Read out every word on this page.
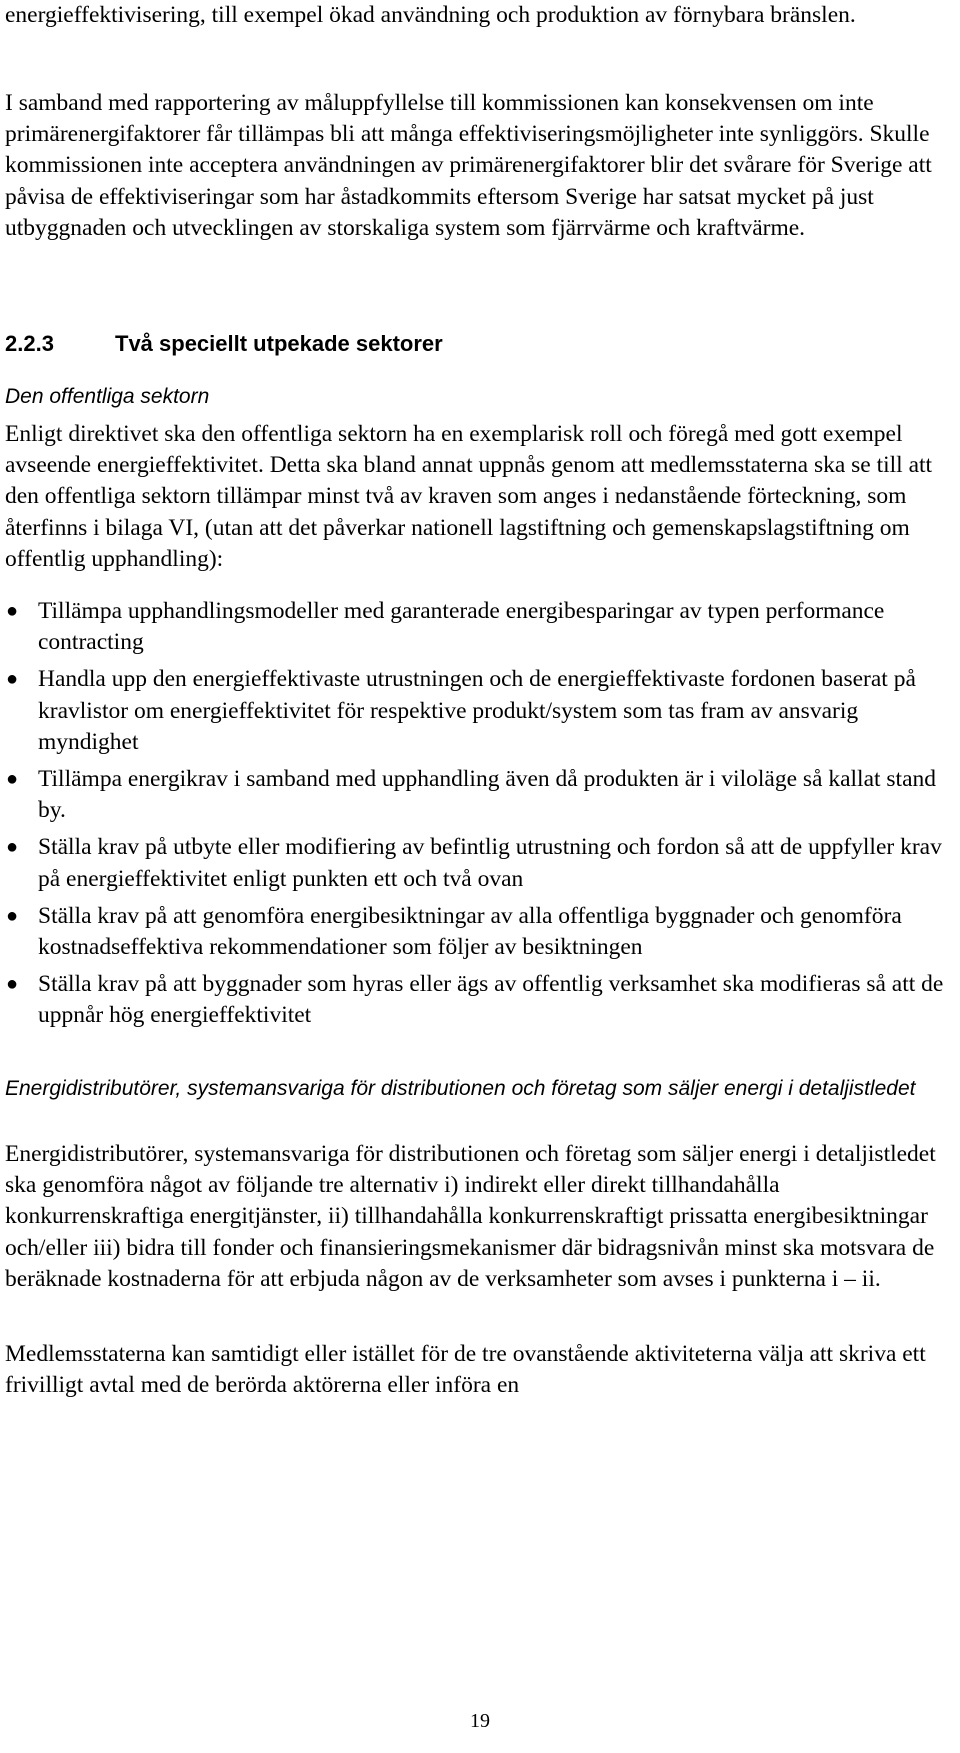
energieffektivisering, till exempel ökad användning och produktion av förnybara bränslen.

I samband med rapportering av måluppfyllelse till kommissionen kan konsekvensen om inte primärenergifaktorer får tillämpas bli att många effektiviseringsmöjligheter inte synliggörs. Skulle kommissionen inte acceptera användningen av primärenergifaktorer blir det svårare för Sverige att påvisa de effektiviseringar som har åstadkommits eftersom Sverige har satsat mycket på just utbyggnaden och utvecklingen av storskaliga system som fjärrvärme och kraftvärme.

2.2.3	Två speciellt utpekade sektorer

Den offentliga sektorn

Enligt direktivet ska den offentliga sektorn ha en exemplarisk roll och föregå med gott exempel avseende energieffektivitet. Detta ska bland annat uppnås genom att medlemsstaterna ska se till att den offentliga sektorn tillämpar minst två av kraven som anges i nedanstående förteckning, som återfinns i bilaga VI, (utan att det påverkar nationell lagstiftning och gemenskapslagstiftning om offentlig upphandling):

● Tillämpa upphandlingsmodeller med garanterade energibesparingar av typen performance contracting
● Handla upp den energieffektivaste utrustningen och de energieffektivaste fordonen baserat på kravlistor om energieffektivitet för respektive produkt/system som tas fram av ansvarig myndighet
● Tillämpa energikrav i samband med upphandling även då produkten är i viloläge så kallat stand by.
● Ställa krav på utbyte eller modifiering av befintlig utrustning och fordon så att de uppfyller krav på energieffektivitet enligt punkten ett och två ovan
● Ställa krav på att genomföra energibesiktningar av alla offentliga byggnader och genomföra kostnadseffektiva rekommendationer som följer av besiktningen
● Ställa krav på att byggnader som hyras eller ägs av offentlig verksamhet ska modifieras så att de uppnår hög energieffektivitet

Energidistributörer, systemansvariga för distributionen och företag som säljer energi i detaljistledet

Energidistributörer, systemansvariga för distributionen och företag som säljer energi i detaljistledet ska genomföra något av följande tre alternativ i) indirekt eller direkt tillhandahålla konkurrenskraftiga energitjänster, ii) tillhandahålla konkurrenskraftigt prissatta energibesiktningar och/eller iii) bidra till fonder och finansieringsmekanismer där bidragsnivån minst ska motsvara de beräknade kostnaderna för att erbjuda någon av de verksamheter som avses i punkterna i – ii.

Medlemsstaterna kan samtidigt eller istället för de tre ovanstående aktiviteterna välja att skriva ett frivilligt avtal med de berörda aktörerna eller införa en

19
